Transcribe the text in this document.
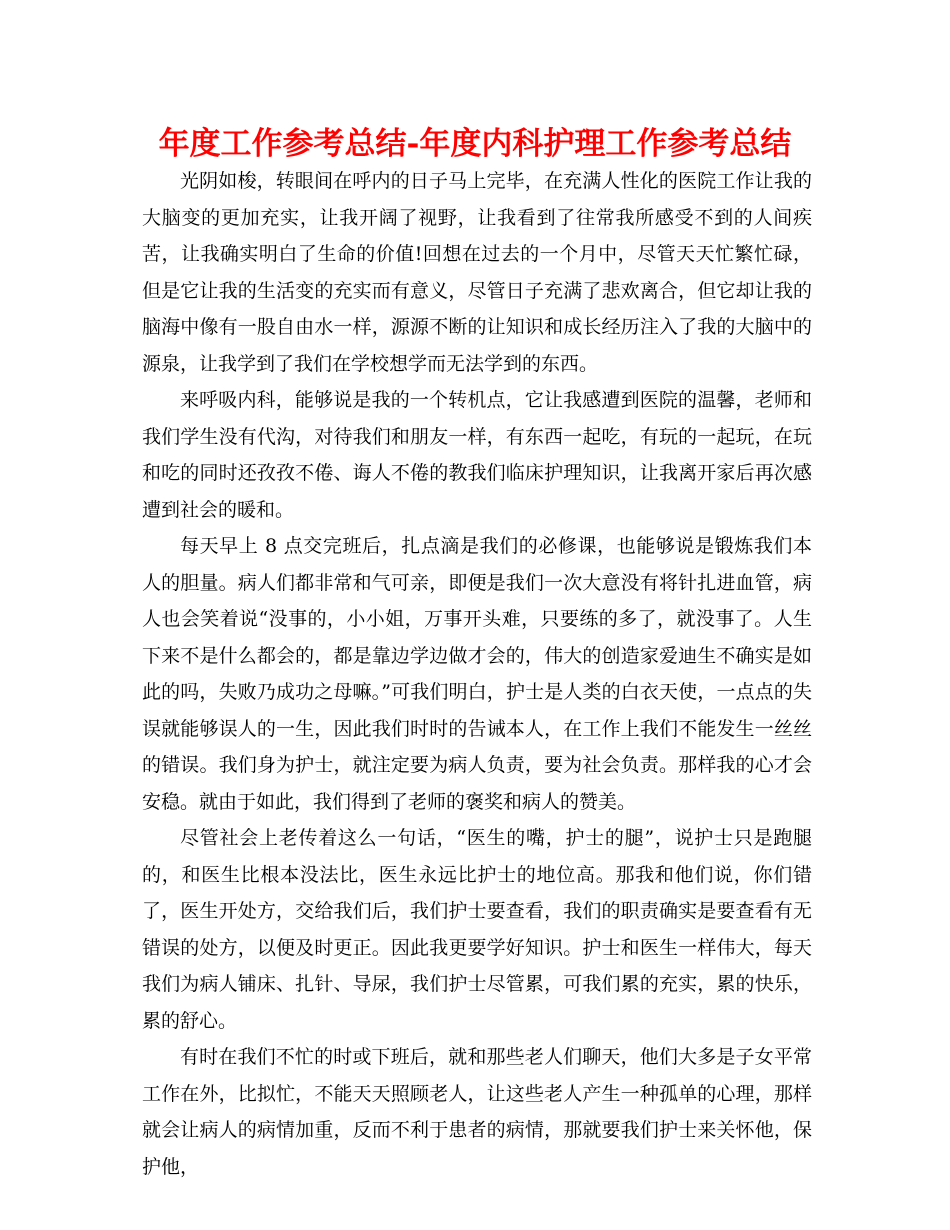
年度工作参考总结-年度内科护理工作参考总结

光阴如梭，转眼间在呼内的日子马上完毕，在充满人性化的医院工作让我的大脑变的更加充实，让我开阔了视野，让我看到了往常我所感受不到的人间疾苦，让我确实明白了生命的价值!回想在过去的一个月中，尽管天天忙繁忙碌，但是它让我的生活变的充实而有意义，尽管日子充满了悲欢离合，但它却让我的脑海中像有一股自由水一样，源源不断的让知识和成长经历注入了我的大脑中的源泉，让我学到了我们在学校想学而无法学到的东西。

来呼吸内科，能够说是我的一个转机点，它让我感遭到医院的温馨，老师和我们学生没有代沟，对待我们和朋友一样，有东西一起吃，有玩的一起玩，在玩和吃的同时还孜孜不倦、诲人不倦的教我们临床护理知识，让我离开家后再次感遭到社会的暖和。

每天早上 8 点交完班后，扎点滴是我们的必修课，也能够说是锻炼我们本人的胆量。病人们都非常和气可亲，即便是我们一次大意没有将针扎进血管，病人也会笑着说“没事的，小小姐，万事开头难，只要练的多了，就没事了。人生下来不是什么都会的，都是靠边学边做才会的，伟大的创造家爱迪生不确实是如此的吗，失败乃成功之母嘛。”可我们明白，护士是人类的白衣天使，一点点的失误就能够误人的一生，因此我们时时的告诫本人，在工作上我们不能发生一丝丝的错误。我们身为护士，就注定要为病人负责，要为社会负责。那样我的心才会安稳。就由于如此，我们得到了老师的褒奖和病人的赞美。

尽管社会上老传着这么一句话，“医生的嘴，护士的腿”，说护士只是跑腿的，和医生比根本没法比，医生永远比护士的地位高。那我和他们说，你们错了，医生开处方，交给我们后，我们护士要查看，我们的职责确实是要查看有无错误的处方，以便及时更正。因此我更要学好知识。护士和医生一样伟大，每天我们为病人铺床、扎针、导尿，我们护士尽管累，可我们累的充实，累的快乐，累的舒心。

有时在我们不忙的时或下班后，就和那些老人们聊天，他们大多是子女平常工作在外，比拟忙，不能天天照顾老人，让这些老人产生一种孤单的心理，那样就会让病人的病情加重，反而不利于患者的病情，那就要我们护士来关怀他，保护他，
